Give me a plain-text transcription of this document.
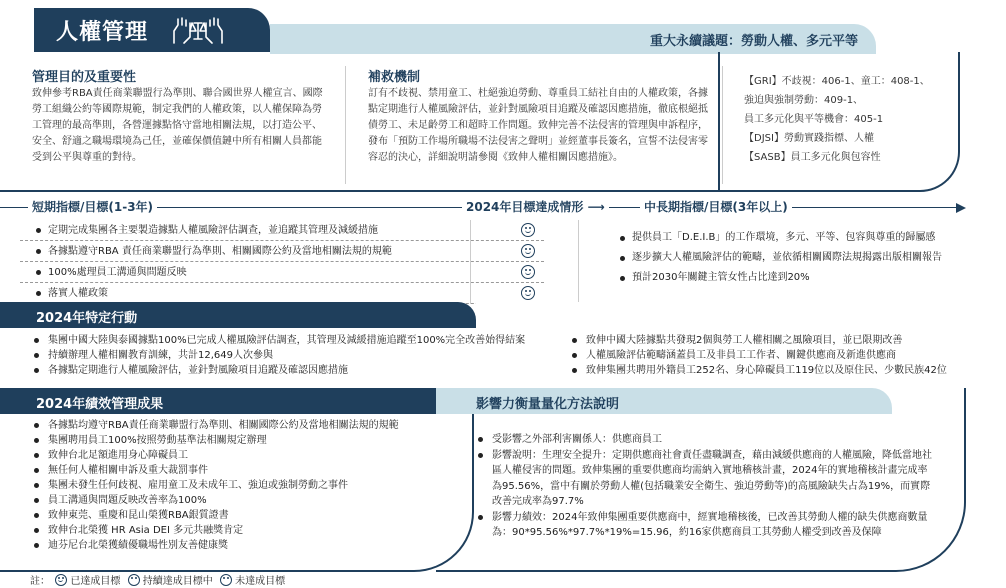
人權管理	重大永續議題：勞動人權、多元平等
管理目的及重要性
致伸參考RBA責任商業聯盟行為準則、聯合國世界人權宣言、國際勞工組織公約等國際規範，制定我們的人權政策，以人權保障為勞工管理的最高準則，各營運據點恪守當地相關法規，以打造公平、安全、舒適之職場環境為己任，並確保價值鏈中所有相關人員都能受到公平與尊重的對待。
補救機制
訂有不歧視、禁用童工、杜絕強迫勞動、尊重員工結社自由的人權政策，各據點定期進行人權風險評估，並針對風險項目追蹤及確認因應措施，徹底根絕抵債勞工、未足齡勞工和超時工作問題。致伸完善不法侵害的管理與申訴程序，發布「預防工作場所職場不法侵害之聲明」並經董事長簽名，宣誓不法侵害零容忍的決心，詳細說明請參閱《致伸人權相關因應措施》。
【GRI】不歧視：406-1、童工：408-1、
強迫與強制勞動：409-1、
員工多元化與平等機會：405-1
【DJSI】勞動實踐指標、人權
【SASB】員工多元化與包容性
短期指標/目標(1-3年)	2024年目標達成情形 ⟶	中長期指標/目標(3年以上)
定期完成集團各主要製造據點人權風險評估調查，並追蹤其管理及減緩措施
各據點遵守RBA 責任商業聯盟行為準則、相關國際公約及當地相關法規的規範
100%處理員工溝通與問題反映
落實人權政策
提供員工「D.E.I.B」的工作環境，多元、平等、包容與尊重的歸屬感
逐步擴大人權風險評估的範疇，並依循相關國際法規揭露出版相關報告
預計2030年關鍵主管女性占比達到20%
2024年特定行動
集團中國大陸與泰國據點100%已完成人權風險評估調查，其管理及減緩措施追蹤至100%完全改善始得結案
持續辦理人權相關教育訓練，共計12,649人次參與
各據點定期進行人權風險評估，並針對風險項目追蹤及確認因應措施
致伸中國大陸據點共發現2個與勞工人權相關之風險項目，並已限期改善
人權風險評估範疇涵蓋員工及非員工工作者、關鍵供應商及新進供應商
致伸集團共聘用外籍員工252名、身心障礙員工119位以及原住民、少數民族42位
2024年績效管理成果
各據點均遵守RBA責任商業聯盟行為準則、相關國際公約及當地相關法規的規範
集團聘用員工100%按照勞動基準法相關規定辦理
致伸台北足額進用身心障礙員工
無任何人權相關申訴及重大裁罰事件
集團未發生任何歧視、雇用童工及未成年工、強迫或強制勞動之事件
員工溝通與問題反映改善率為100%
致伸東莞、重慶和昆山榮獲RBA銀質證書
致伸台北榮獲 HR Asia DEI 多元共融獎肯定
迪芬尼台北榮獲績優職場性別友善健康獎
影響力衡量量化方法說明
受影響之外部利害關係人：供應商員工
影響說明：生理安全提升：定期供應商社會責任盡職調查，藉由減緩供應商的人權風險，降低當地社區人權侵害的問題。致伸集團的重要供應商均需納入實地稽核計畫，2024年的實地稽核計畫完成率為95.56%，當中有關於勞動人權(包括職業安全衛生、強迫勞動等)的高風險缺失占為19%，而實際改善完成率為97.7%
影響力績效：2024年致伸集團重要供應商中，經實地稽核後，已改善其勞動人權的缺失供應商數量為：90*95.56%*97.7%*19%=15.96，約16家供應商員工其勞動人權受到改善及保障
註： 已達成目標 持續達成目標中 未達成目標
